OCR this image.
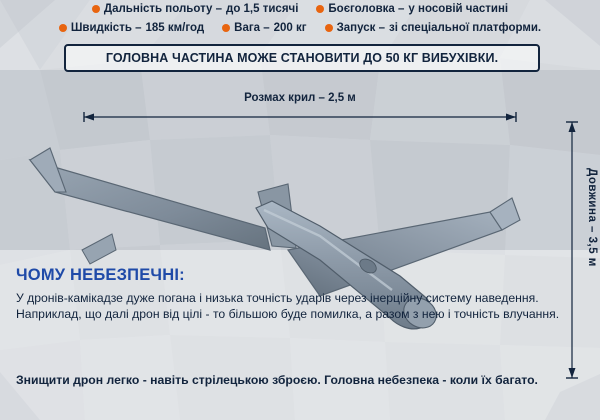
Дальність польоту – до 1,5 тисячі	Боєголовка – у носовій частині
Швидкість – 185 км/год	Вага – 200 кг	Запуск – зі спеціальної платформи.
ГОЛОВНА ЧАСТИНА МОЖЕ СТАНОВИТИ ДО 50 КГ ВИБУХІВКИ.
Розмах крил – 2,5 м
Довжина – 3,5 м
ЧОМУ НЕБЕЗПЕЧНІ:

У дронів-камікадзе дуже погана і низька точність ударів через інерційну систему наведення. Наприклад, що далі дрон від цілі - то більшою буде помилка, а разом з нею і точність влучання.

Знищити дрон легко - навіть стрілецькою зброєю. Головна небезпека - коли їх багато.
